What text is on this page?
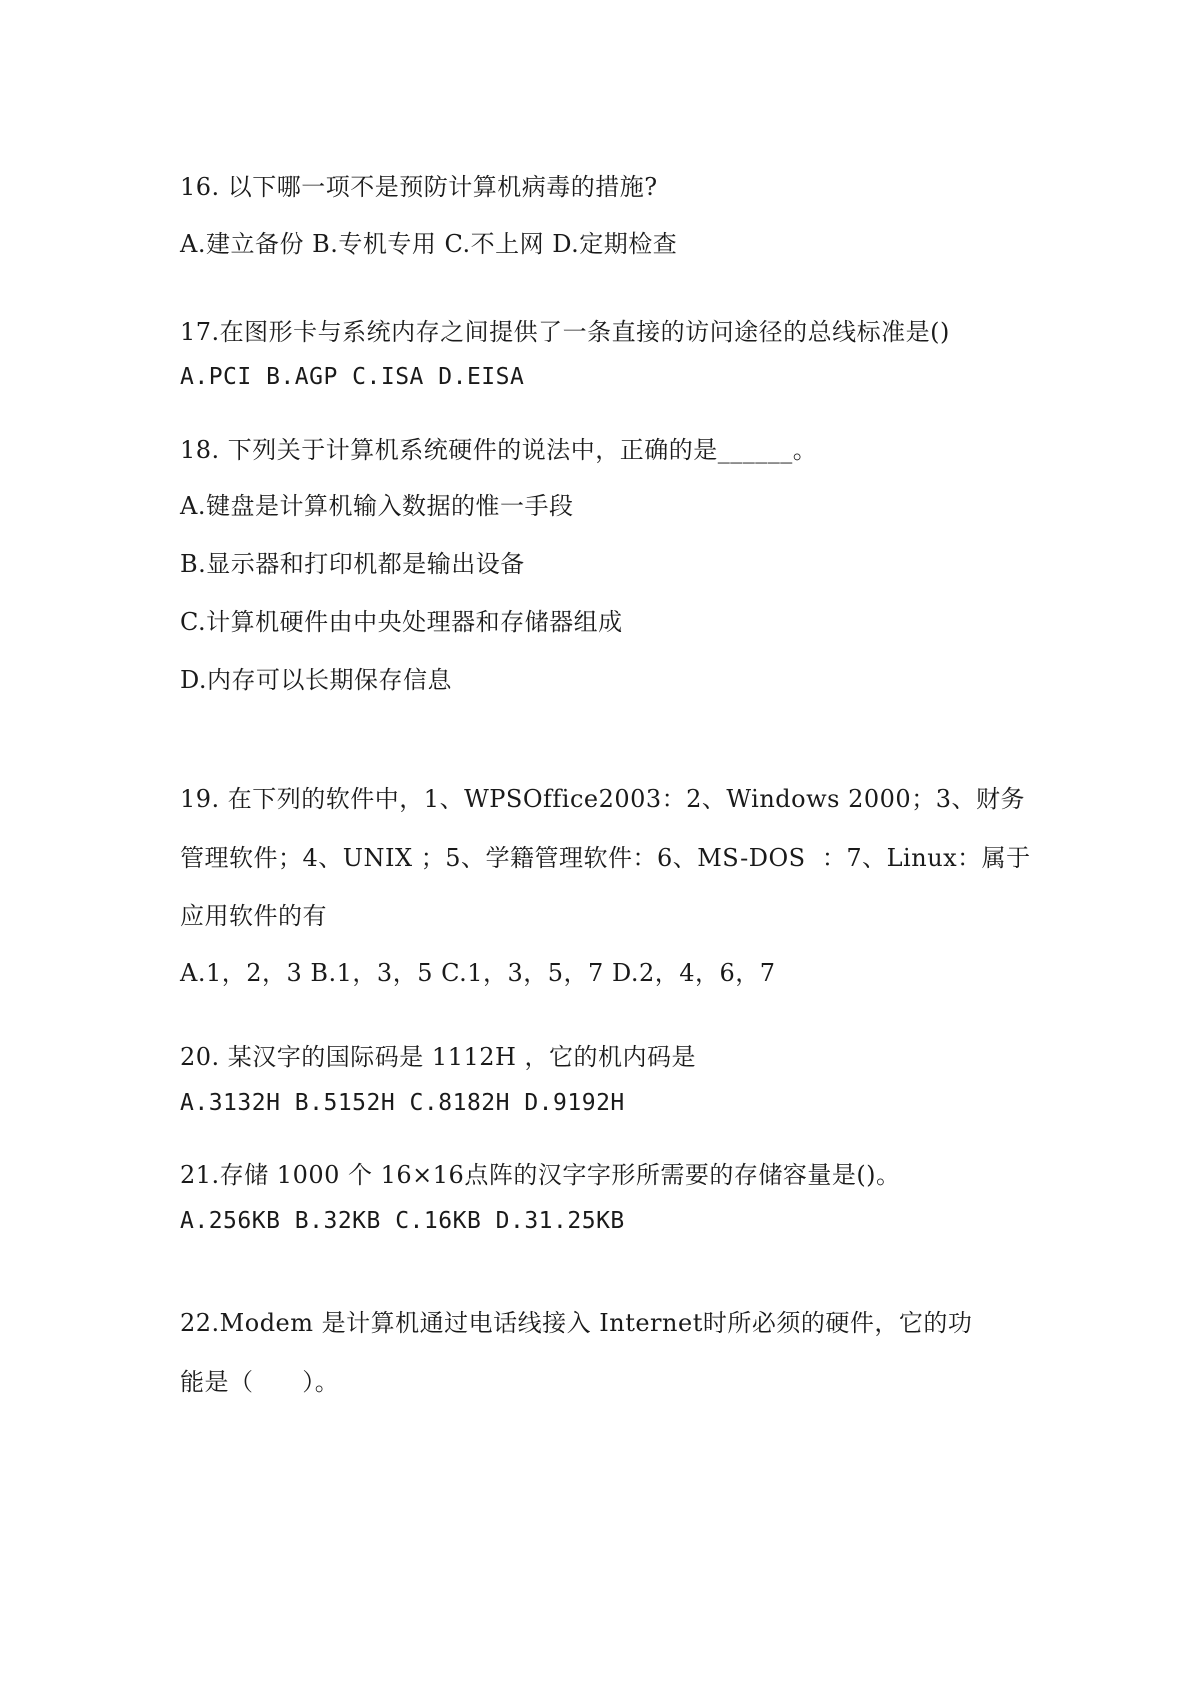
16. 以下哪一项不是预防计算机病毒的措施?
A.建立备份 B.专机专用 C.不上网 D.定期检查
17.在图形卡与系统内存之间提供了一条直接的访问途径的总线标准是()
A.PCI B.AGP C.ISA D.EISA
18. 下列关于计算机系统硬件的说法中，正确的是______。
A.键盘是计算机输入数据的惟一手段
B.显示器和打印机都是输出设备
C.计算机硬件由中央处理器和存储器组成
D.内存可以长期保存信息
19. 在下列的软件中，1、WPSOffice2003：2、Windows 2000；3、财务
管理软件；4、UNIX ；5、学籍管理软件：6、MS-DOS  ：7、Linux：属于
应用软件的有
A.1，2，3 B.1，3，5 C.1，3，5，7 D.2，4，6，7
20. 某汉字的国际码是 1112H ，它的机内码是
A.3132H B.5152H C.8182H D.9192H
21.存储 1000 个 16×16点阵的汉字字形所需要的存储容量是()。
A.256KB B.32KB C.16KB D.31.25KB
22.Modem 是计算机通过电话线接入 Internet时所必须的硬件，它的功
能是（      ）。
